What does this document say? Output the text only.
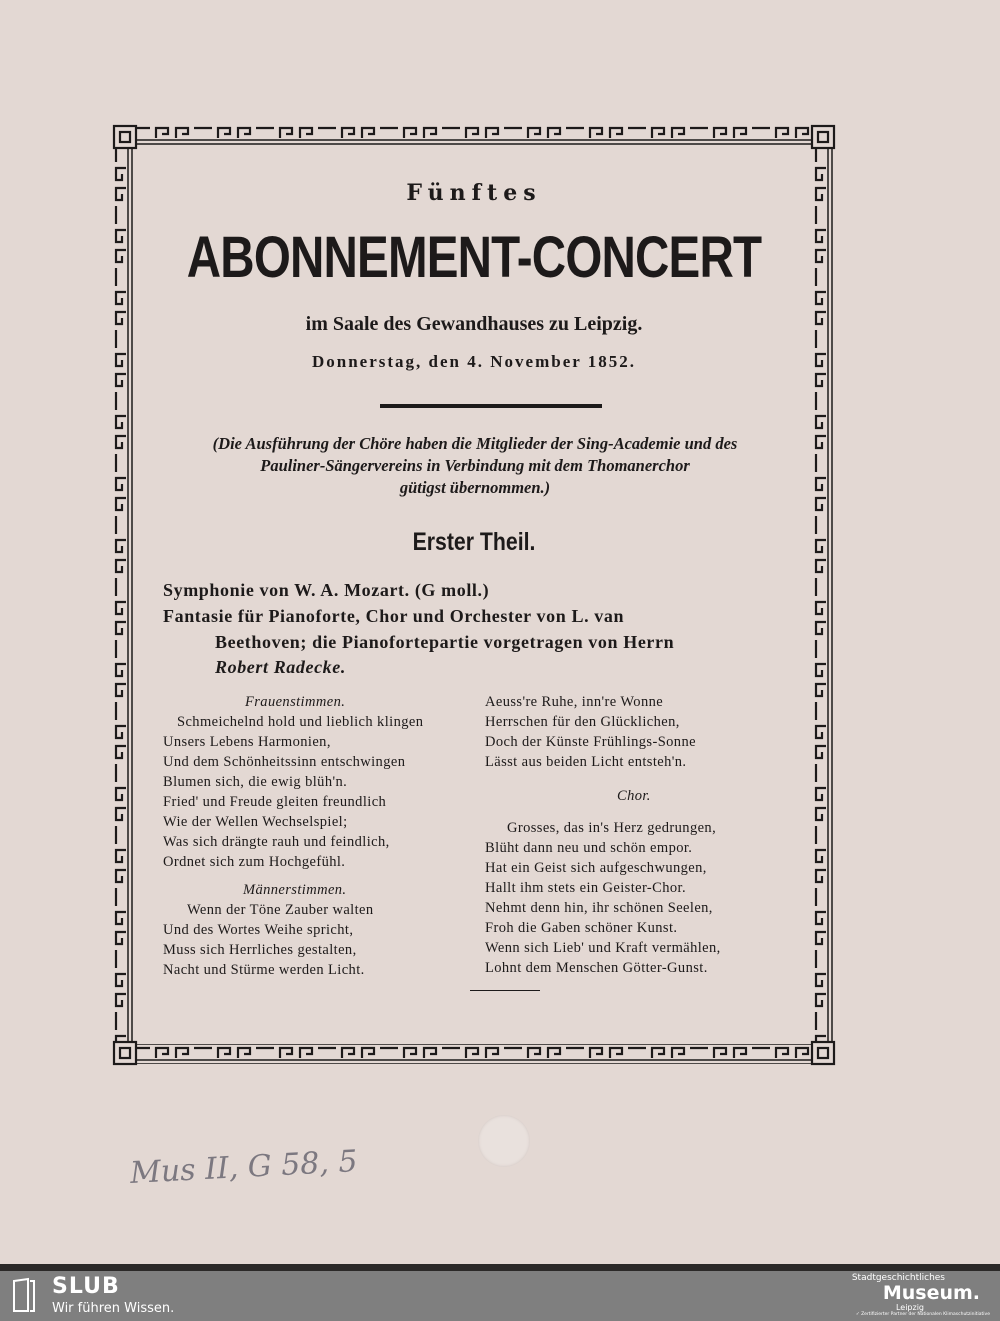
Fünftes
ABONNEMENT-CONCERT
im Saale des Gewandhauses zu Leipzig.
Donnerstag, den 4. November 1852.
(Die Ausführung der Chöre haben die Mitglieder der Sing-Academie und des
Pauliner-Sängervereins in Verbindung mit dem Thomanerchor
gütigst übernommen.)
Erster Theil.
Symphonie von W. A. Mozart. (G moll.)
Fantasie für Pianoforte, Chor und Orchester von L. van
Beethoven; die Pianofortepartie vorgetragen von Herrn
Robert Radecke.
Frauenstimmen.
Schmeichelnd hold und lieblich klingen
Unsers Lebens Harmonien,
Und dem Schönheitssinn entschwingen
Blumen sich, die ewig blüh'n.
Fried' und Freude gleiten freundlich
Wie der Wellen Wechselspiel;
Was sich drängte rauh und feindlich,
Ordnet sich zum Hochgefühl.
Männerstimmen.
Wenn der Töne Zauber walten
Und des Wortes Weihe spricht,
Muss sich Herrliches gestalten,
Nacht und Stürme werden Licht.
Aeuss're Ruhe, inn're Wonne
Herrschen für den Glücklichen,
Doch der Künste Frühlings-Sonne
Lässt aus beiden Licht entsteh'n.
Chor.
Grosses, das in's Herz gedrungen,
Blüht dann neu und schön empor.
Hat ein Geist sich aufgeschwungen,
Hallt ihm stets ein Geister-Chor.
Nehmt denn hin, ihr schönen Seelen,
Froh die Gaben schöner Kunst.
Wenn sich Lieb' und Kraft vermählen,
Lohnt dem Menschen Götter-Gunst.
Mus II, G 58, 5
SLUB
Wir führen Wissen.
Stadtgeschichtliches
Museum.
Leipzig
✓ Zertifizierter Partner der Nationalen Klimaschutzinitiative
